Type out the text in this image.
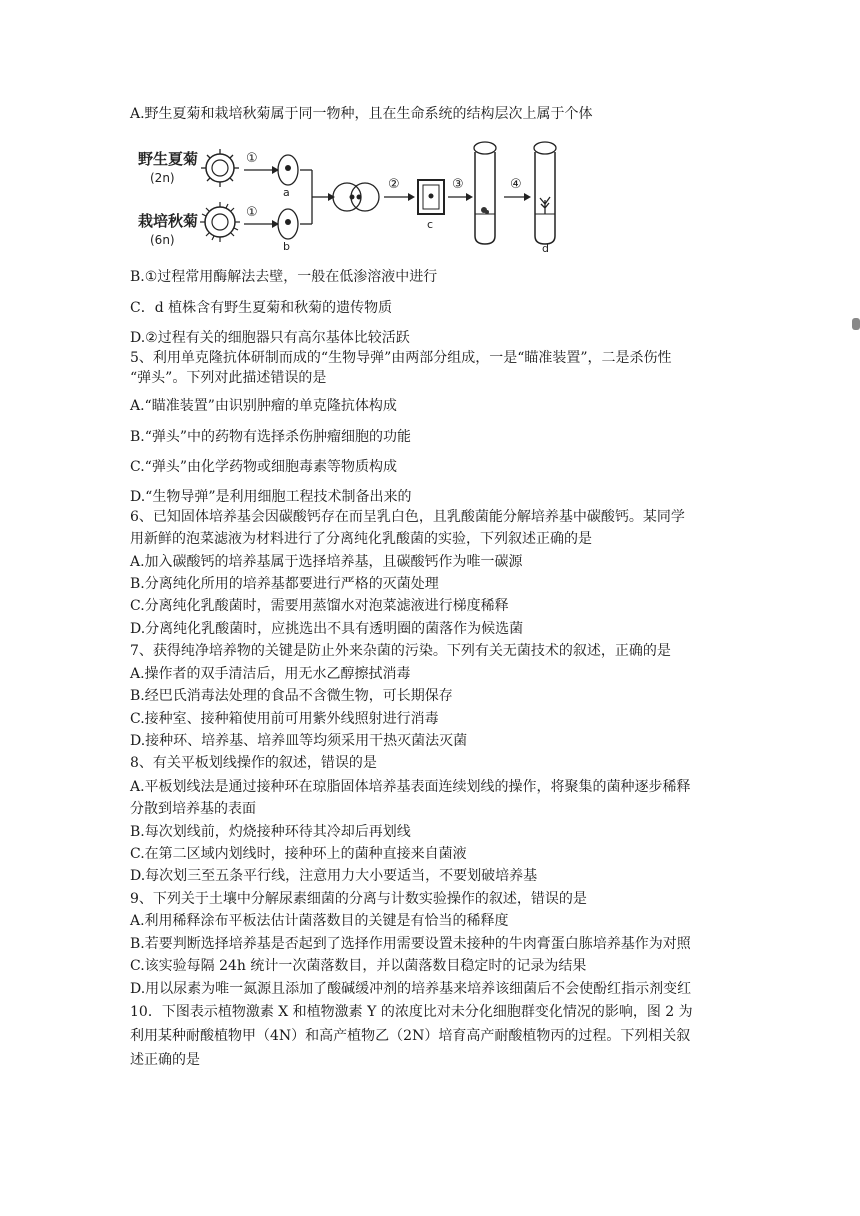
A.野生夏菊和栽培秋菊属于同一物种，且在生命系统的结构层次上属于个体
野生夏菊
(2n)
①
a
栽培秋菊
(6n)
①
b
②
c
③	④
d
B.①过程常用酶解法去壁，一般在低渗溶液中进行
C．d 植株含有野生夏菊和秋菊的遗传物质
D.②过程有关的细胞器只有高尔基体比较活跃
5、利用单克隆抗体研制而成的“生物导弹”由两部分组成，一是“瞄准装置”，二是杀伤性
“弹头”。下列对此描述错误的是
A.“瞄准装置”由识别肿瘤的单克隆抗体构成
B.“弹头”中的药物有选择杀伤肿瘤细胞的功能
C.“弹头”由化学药物或细胞毒素等物质构成
D.“生物导弹”是利用细胞工程技术制备出来的
6、已知固体培养基会因碳酸钙存在而呈乳白色，且乳酸菌能分解培养基中碳酸钙。某同学
用新鲜的泡菜滤液为材料进行了分离纯化乳酸菌的实验，下列叙述正确的是
A.加入碳酸钙的培养基属于选择培养基，且碳酸钙作为唯一碳源
B.分离纯化所用的培养基都要进行严格的灭菌处理
C.分离纯化乳酸菌时，需要用蒸馏水对泡菜滤液进行梯度稀释
D.分离纯化乳酸菌时，应挑选出不具有透明圈的菌落作为候选菌
7、获得纯净培养物的关键是防止外来杂菌的污染。下列有关无菌技术的叙述，正确的是
A.操作者的双手清洁后，用无水乙醇擦拭消毒
B.经巴氏消毒法处理的食品不含微生物，可长期保存
C.接种室、接种箱使用前可用紫外线照射进行消毒
D.接种环、培养基、培养皿等均须采用干热灭菌法灭菌
8、有关平板划线操作的叙述，错误的是
A.平板划线法是通过接种环在琼脂固体培养基表面连续划线的操作，将聚集的菌种逐步稀释
分散到培养基的表面
B.每次划线前，灼烧接种环待其冷却后再划线
C.在第二区域内划线时，接种环上的菌种直接来自菌液
D.每次划三至五条平行线，注意用力大小要适当，不要划破培养基
9、下列关于土壤中分解尿素细菌的分离与计数实验操作的叙述，错误的是
A.利用稀释涂布平板法估计菌落数目的关键是有恰当的稀释度
B.若要判断选择培养基是否起到了选择作用需要设置未接种的牛肉膏蛋白胨培养基作为对照
C.该实验每隔 24h 统计一次菌落数目，并以菌落数目稳定时的记录为结果
D.用以尿素为唯一氮源且添加了酸碱缓冲剂的培养基来培养该细菌后不会使酚红指示剂变红
10．下图表示植物激素 X 和植物激素 Y 的浓度比对未分化细胞群变化情况的影响，图 2 为
利用某种耐酸植物甲（4N）和高产植物乙（2N）培育高产耐酸植物丙的过程。下列相关叙
述正确的是
